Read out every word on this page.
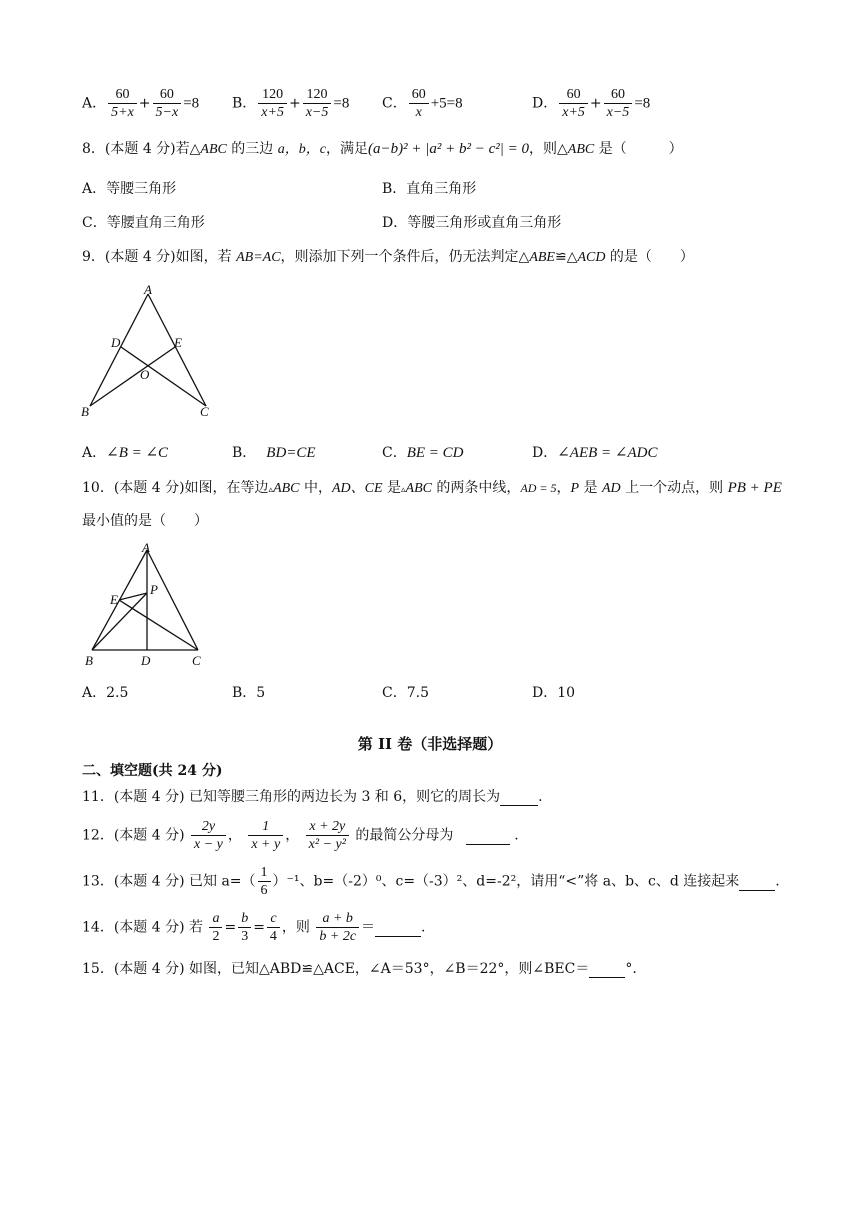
A． $\frac{60}{5+x} + \frac{60}{5-x} =8$ B． $\frac{120}{x+5} + \frac{120}{x-5} =8$ C． $\frac{60}{x} +5=8$	D． $\frac{60}{x+5} + \frac{60}{x-5} =8$
8．(本题 4 分)若△ABC 的三边 a，b，c，满足(a−b)² + |a² + b² − c²| = 0，则△ABC 是（　　　）
A．等腰三角形	B．直角三角形
C．等腰直角三角形	D．等腰三角形或直角三角形
9．(本题 4 分)如图，若 AB=AC，则添加下列一个条件后，仍无法判定△ABE≌△ACD 的是（　　）
A
D	E
O
B	C
A．∠B = ∠C	B． BD=CE	C．BE = CD	D．∠AEB = ∠ADC
10．(本题 4 分)如图，在等边▵ABC 中，AD、CE 是▵ABC 的两条中线，AD = 5，P 是 AD 上一个动点，则 PB + PE
最小值的是（　　）
A
P
E
B	D	C
A．2.5	B．5	C．7.5	D．10
第 II 卷（非选择题）
二、填空题(共 24 分)
11．(本题 4 分) 已知等腰三角形的两边长为 3 和 6，则它的周长为	.
12．(本题 4 分) $\frac{2y}{x - y}$ ， $\frac{1}{x + y}$ ， $\frac{x + 2y}{\text{x² − y²}}$ 的最简公分母为	.
13．(本题 4 分) 已知 $a=( \frac{1}{6} )^{-1}$、b=（-2）⁰、c=（-3）²、d=-2²，请用“<”将 a、b、c、d 连接起来	.
14．(本题 4 分) 若 $\frac{a}{2} = \frac{b}{3} = \frac{c}{4}$ ，则 $\frac{a + b}{b + 2c}$ ＝	.
15．(本题 4 分) 如图，已知△ABD≌△ACE，∠A＝53°，∠B＝22°，则∠BEC＝	°.
